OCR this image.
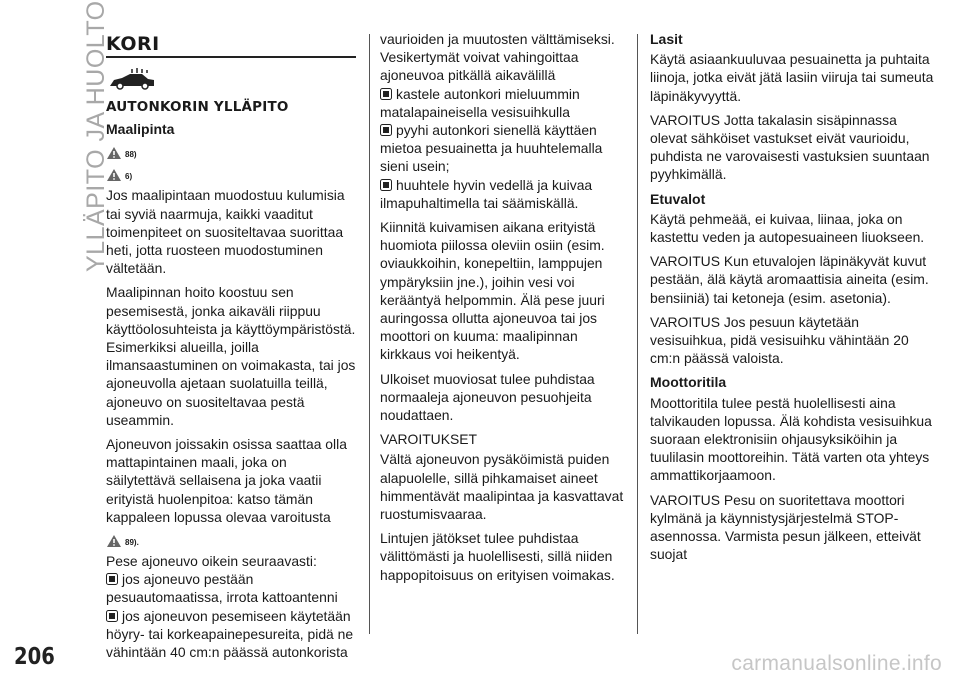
YLLÄPITO JA HUOLTO
KORI
AUTONKORIN YLLÄPITO
Maalipinta
88)
6)

Jos maalipintaan muodostuu kulumisia tai syviä naarmuja, kaikki vaaditut toimenpiteet on suositeltavaa suorittaa heti, jotta ruosteen muodostuminen vältetään.

Maalipinnan hoito koostuu sen pesemisestä, jonka aikaväli riippuu käyttöolosuhteista ja käyttöympäristöstä. Esimerkiksi alueilla, joilla ilmansaastuminen on voimakasta, tai jos ajoneuvolla ajetaan suolatuilla teillä, ajoneuvo on suositeltavaa pestä useammin.

Ajoneuvon joissakin osissa saattaa olla mattapintainen maali, joka on säilytettävä sellaisena ja joka vaatii erityistä huolenpitoa: katso tämän kappaleen lopussa olevaa varoitusta

89).

Pese ajoneuvo oikein seuraavasti:

jos ajoneuvo pestään pesuautomaatissa, irrota kattoantenni
jos ajoneuvon pesemiseen käytetään höyry- tai korkeapainepesureita, pidä ne vähintään 40 cm:n päässä autonkorista
vaurioiden ja muutosten välttämiseksi. Vesikertymät voivat vahingoittaa ajoneuvoa pitkällä aikavälillä
kastele autonkori mieluummin matalapaineisella vesisuihkulla
pyyhi autonkori sienellä käyttäen mietoa pesuainetta ja huuhtelemalla sieni usein;
huuhtele hyvin vedellä ja kuivaa ilmapuhaltimella tai säämiskällä.

Kiinnitä kuivamisen aikana erityistä huomiota piilossa oleviin osiin (esim. oviaukkoihin, konepeltiin, lamppujen ympäryksiin jne.), joihin vesi voi kerääntyä helpommin. Älä pese juuri auringossa ollutta ajoneuvoa tai jos moottori on kuuma: maalipinnan kirkkaus voi heikentyä.

Ulkoiset muoviosat tulee puhdistaa normaaleja ajoneuvon pesuohjeita noudattaen.

VAROITUKSET

Vältä ajoneuvon pysäköimistä puiden alapuolelle, sillä pihkamaiset aineet himmentävät maalipintaa ja kasvattavat ruostumisvaaraa.

Lintujen jätökset tulee puhdistaa välittömästi ja huolellisesti, sillä niiden happopitoisuus on erityisen voimakas.

Lasit

Käytä asiaankuuluvaa pesuainetta ja puhtaita liinoja, jotka eivät jätä lasiin viiruja tai sumeuta läpinäkyvyyttä.

VAROITUS Jotta takalasin sisäpinnassa olevat sähköiset vastukset eivät vaurioidu, puhdista ne varovaisesti vastuksien suuntaan pyyhkimällä.

Etuvalot

Käytä pehmeää, ei kuivaa, liinaa, joka on kastettu veden ja autopesuaineen liuokseen.

VAROITUS Kun etuvalojen läpinäkyvät kuvut pestään, älä käytä aromaattisia aineita (esim. bensiiniä) tai ketoneja (esim. asetonia).

VAROITUS Jos pesuun käytetään vesisuihkua, pidä vesisuihku vähintään 20 cm:n päässä valoista.

Moottoritila

Moottoritila tulee pestä huolellisesti aina talvikauden lopussa. Älä kohdista vesisuihkua suoraan elektronisiin ohjausyksiköihin ja tuulilasin moottoreihin. Tätä varten ota yhteys ammattikorjaamoon.

VAROITUS Pesu on suoritettava moottori kylmänä ja käynnistysjärjestelmä STOP-asennossa. Varmista pesun jälkeen, etteivät suojat

206	carmanualsonline.info
